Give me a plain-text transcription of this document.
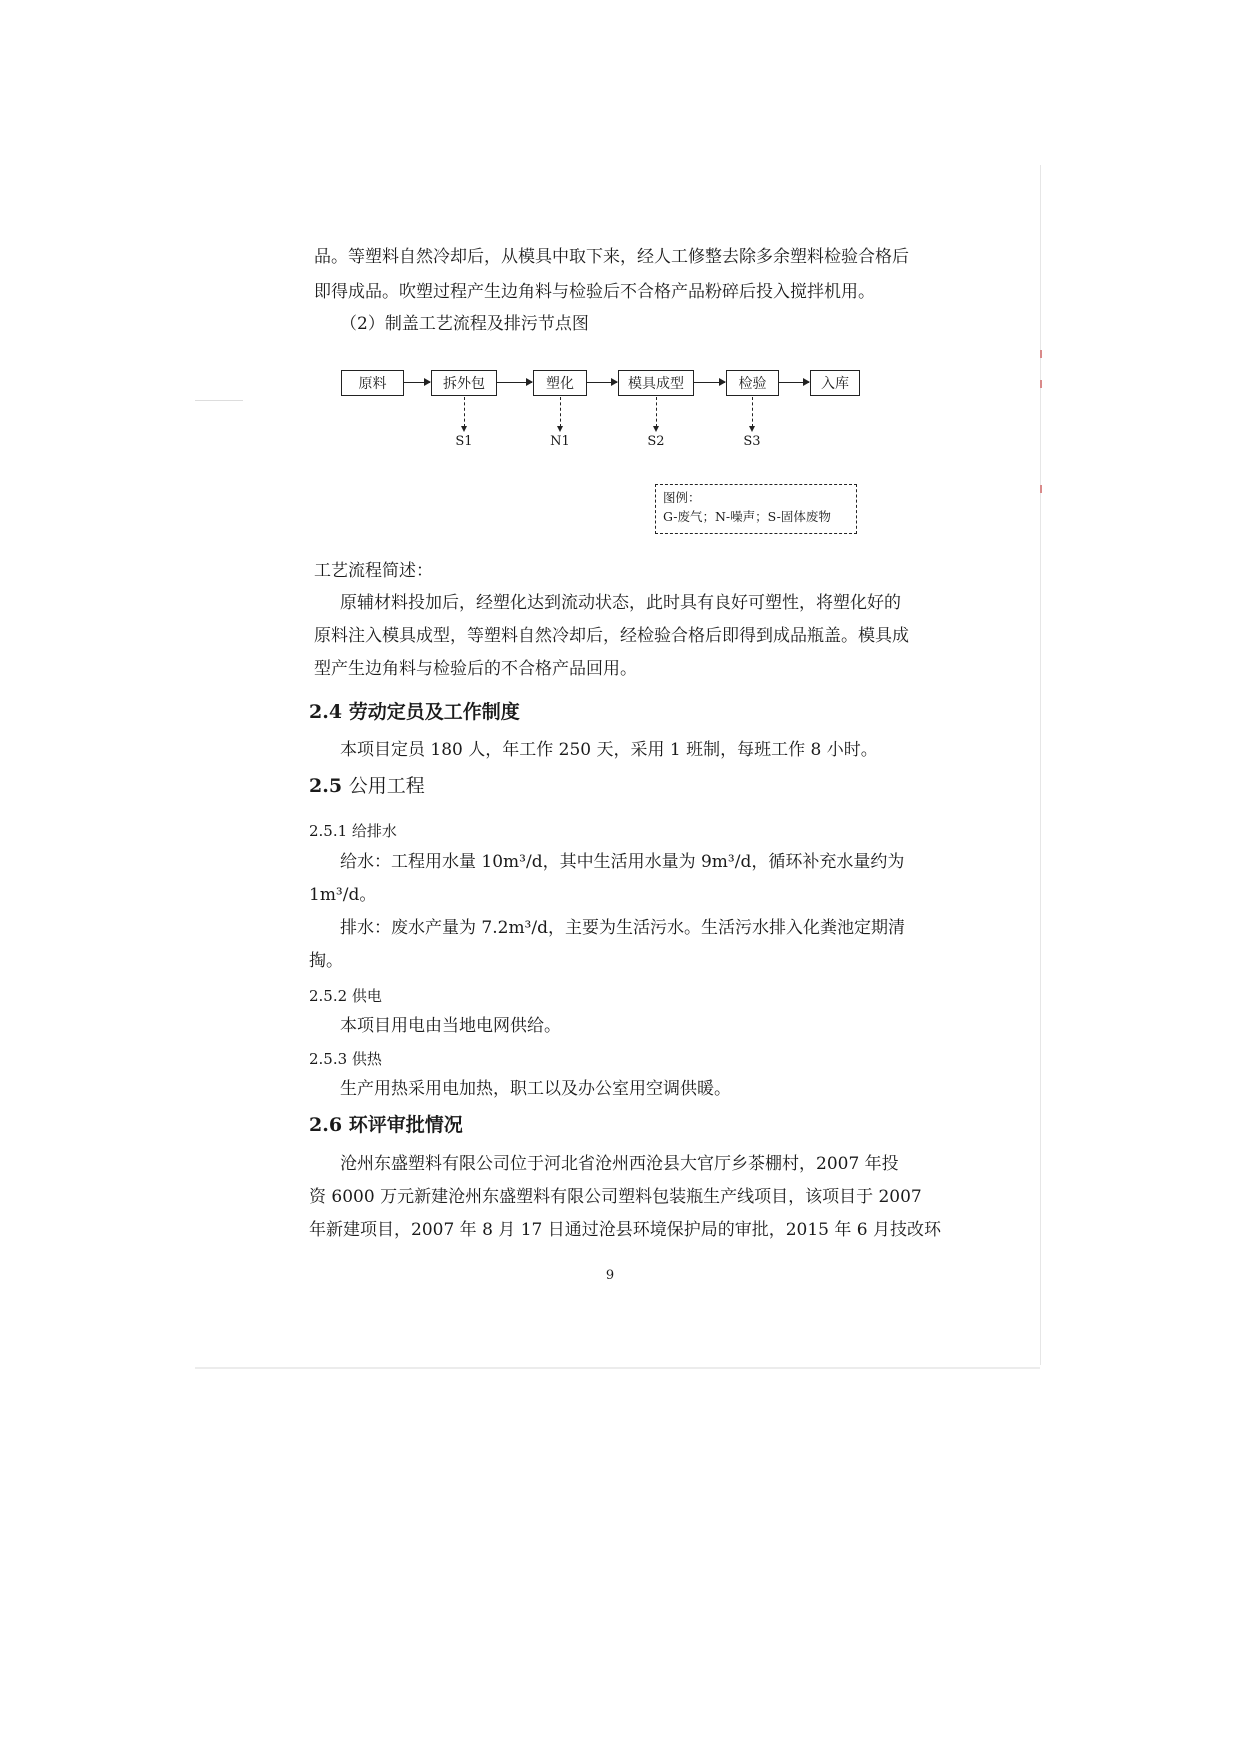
品。等塑料自然冷却后，从模具中取下来，经人工修整去除多余塑料检验合格后
即得成品。吹塑过程产生边角料与检验后不合格产品粉碎后投入搅拌机用。
（2）制盖工艺流程及排污节点图
原料	拆外包	塑化	模具成型	检验	入库
S1	N1	S2	S3
图例：
G-废气；N-噪声；S-固体废物
工艺流程简述：
原辅材料投加后，经塑化达到流动状态，此时具有良好可塑性，将塑化好的
原料注入模具成型，等塑料自然冷却后，经检验合格后即得到成品瓶盖。模具成
型产生边角料与检验后的不合格产品回用。
2.4 劳动定员及工作制度
本项目定员 180 人，年工作 250 天，采用 1 班制，每班工作 8 小时。
2.5 公用工程
2.5.1 给排水
给水：工程用水量 10m³/d，其中生活用水量为 9m³/d，循环补充水量约为
1m³/d。
排水：废水产量为 7.2m³/d，主要为生活污水。生活污水排入化粪池定期清
掏。
2.5.2 供电
本项目用电由当地电网供给。
2.5.3 供热
生产用热采用电加热，职工以及办公室用空调供暖。
2.6 环评审批情况
沧州东盛塑料有限公司位于河北省沧州西沧县大官厅乡茶棚村，2007 年投
资 6000 万元新建沧州东盛塑料有限公司塑料包装瓶生产线项目，该项目于 2007
年新建项目，2007 年 8 月 17 日通过沧县环境保护局的审批，2015 年 6 月技改环
9
